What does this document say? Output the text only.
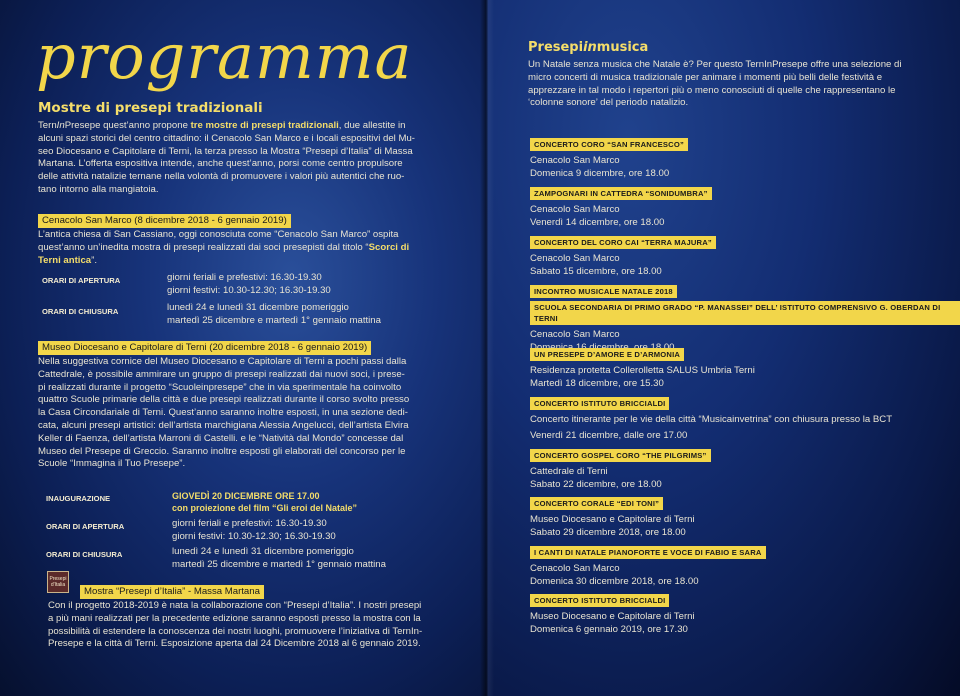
programma
Mostre di presepi tradizionali
TernInPresepe quest’anno propone tre mostre di presepi tradizionali, due allestite in
alcuni spazi storici del centro cittadino: il Cenacolo San Marco e i locali espositivi del Mu-
seo Diocesano e Capitolare di Terni, la terza presso la Mostra “Presepi d’Italia” di Massa
Martana. L’offerta espositiva intende, anche quest’anno, porsi come centro propulsore
delle attività natalizie ternane nella volontà di promuovere i valori più autentici che ruo-
tano intorno alla mangiatoia.
Cenacolo San Marco (8 dicembre 2018 - 6 gennaio 2019)
L’antica chiesa di San Cassiano, oggi conosciuta come “Cenacolo San Marco” ospita
quest’anno un’inedita mostra di presepi realizzati dai soci presepisti dal titolo “Scorci di
Terni antica”.
ORARI DI APERTURA	giorni feriali e prefestivi: 16.30-19.30
giorni festivi: 10.30-12.30; 16.30-19.30
ORARI DI CHIUSURA	lunedì 24 e lunedì 31 dicembre pomeriggio
martedì 25 dicembre e martedì 1° gennaio mattina
Museo Diocesano e Capitolare di Terni (20 dicembre 2018 - 6 gennaio 2019)
Nella suggestiva cornice del Museo Diocesano e Capitolare di Terni a pochi passi dalla
Cattedrale, è possibile ammirare un gruppo di presepi realizzati dai nuovi soci, i prese-
pi realizzati durante il progetto “Scuoleinpresepe” che in via sperimentale ha coinvolto
quattro Scuole primarie della città e due presepi realizzati durante il corso svolto presso
la Casa Circondariale di Terni. Quest’anno saranno inoltre esposti, in una sezione dedi-
cata, alcuni presepi artistici: dell’artista marchigiana Alessia Angelucci, dell’artista Elvira
Keller di Faenza, dell’artista Marroni di Castelli. e le “Natività dal Mondo” concesse dal
Museo del Presepe di Greccio. Saranno inoltre esposti gli elaborati del concorso per le
Scuole “Immagina il Tuo Presepe”.
INAUGURAZIONE	GIOVEDÌ 20 DICEMBRE ORE 17.00
con proiezione del film “Gli eroi del Natale”
ORARI DI APERTURA	giorni feriali e prefestivi: 16.30-19.30
giorni festivi: 10.30-12.30; 16.30-19.30
ORARI DI CHIUSURA	lunedì 24 e lunedì 31 dicembre pomeriggio
martedì 25 dicembre e martedì 1° gennaio mattina
Presepi d'Italia
Mostra “Presepi d’Italia” - Massa Martana
Con il progetto 2018-2019 è nata la collaborazione con “Presepi d’Italia”. I nostri presepi
a più mani realizzati per la precedente edizione saranno esposti presso la mostra con la
possibilità di estendere la conoscenza dei nostri luoghi, promuovere l’iniziativa di TernIn-
Presepe e la città di Terni. Esposizione aperta dal 24 Dicembre 2018 al 6 gennaio 2019.
Presepiinmusica
Un Natale senza musica che Natale è? Per questo TernInPresepe offre una selezione di
micro concerti di musica tradizionale per animare i momenti più belli delle festività e
apprezzare in tal modo i repertori più o meno conosciuti di quelle che rappresentano le
‘colonne sonore’ del periodo natalizio.
CONCERTO CORO “SAN FRANCESCO”
Cenacolo San Marco
Domenica 9 dicembre, ore 18.00
ZAMPOGNARI IN CATTEDRA “SONIDUMBRA”
Cenacolo San Marco
Venerdì 14 dicembre, ore 18.00
CONCERTO DEL CORO CAI “TERRA MAJURA”
Cenacolo San Marco
Sabato 15 dicembre, ore 18.00
INCONTRO MUSICALE NATALE 2018
SCUOLA SECONDARIA DI PRIMO GRADO “P. MANASSEI” DELL’ ISTITUTO COMPRENSIVO G. OBERDAN DI TERNI
Cenacolo San Marco
UN PRESEPE D’AMORE E D’ARMONIA
Residenza protetta Collerolletta SALUS Umbria Terni
Martedì 18 dicembre, ore 15.30
CONCERTO ISTITUTO BRICCIALDI
Concerto itinerante per le vie della città “Musicainvetrina” con chiusura presso la BCT
Venerdì 21 dicembre, dalle ore 17.00
CONCERTO GOSPEL CORO “THE PILGRIMS”
Cattedrale di Terni
Sabato 22 dicembre, ore 18.00
CONCERTO CORALE “EDI TONI”
Museo Diocesano e Capitolare di Terni
Sabato 29 dicembre 2018, ore 18.00
I CANTI DI NATALE PIANOFORTE E VOCE DI FABIO E SARA
Cenacolo San Marco
Domenica 30 dicembre 2018, ore 18.00
CONCERTO ISTITUTO BRICCIALDI
Museo Diocesano e Capitolare di Terni
Domenica 6 gennaio 2019, ore 17.30
